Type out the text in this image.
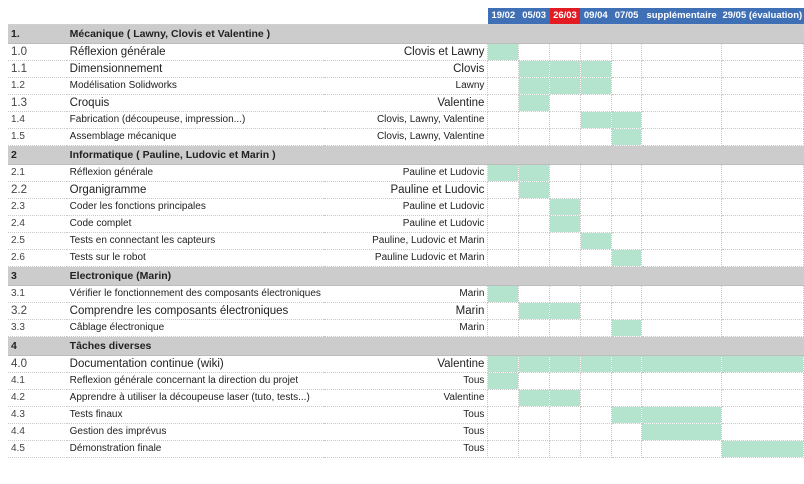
			19/02	05/03	26/03	09/04	07/05	supplémentaire	29/05 (évaluation)
1.	Mécanique ( Lawny, Clovis et Valentine )								
1.0	Réflexion générale	Clovis et Lawny							
1.1	Dimensionnement	Clovis							
1.2	Modélisation Solidworks	Lawny							
1.3	Croquis	Valentine							
1.4	Fabrication (découpeuse, impression...)	Clovis, Lawny, Valentine							
1.5	Assemblage mécanique	Clovis, Lawny, Valentine							
2	Informatique ( Pauline, Ludovic et Marin )								
2.1	Réflexion générale	Pauline et Ludovic							
2.2	Organigramme	Pauline et Ludovic							
2.3	Coder les fonctions principales	Pauline et Ludovic							
2.4	Code complet	Pauline et Ludovic							
2.5	Tests en connectant les capteurs	Pauline, Ludovic et Marin							
2.6	Tests sur le robot	Pauline Ludovic et Marin							
3	Electronique (Marin)								
3.1	Vérifier le fonctionnement des composants électroniques	Marin							
3.2	Comprendre les composants électroniques	Marin							
3.3	Câblage électronique	Marin							
4	Tâches diverses								
4.0	Documentation continue (wiki)	Valentine							
4.1	Reflexion générale concernant la direction du projet	Tous							
4.2	Apprendre à utiliser la découpeuse laser (tuto, tests...)	Valentine							
4.3	Tests finaux	Tous							
4.4	Gestion des imprévus	Tous							
4.5	Démonstration finale	Tous							
